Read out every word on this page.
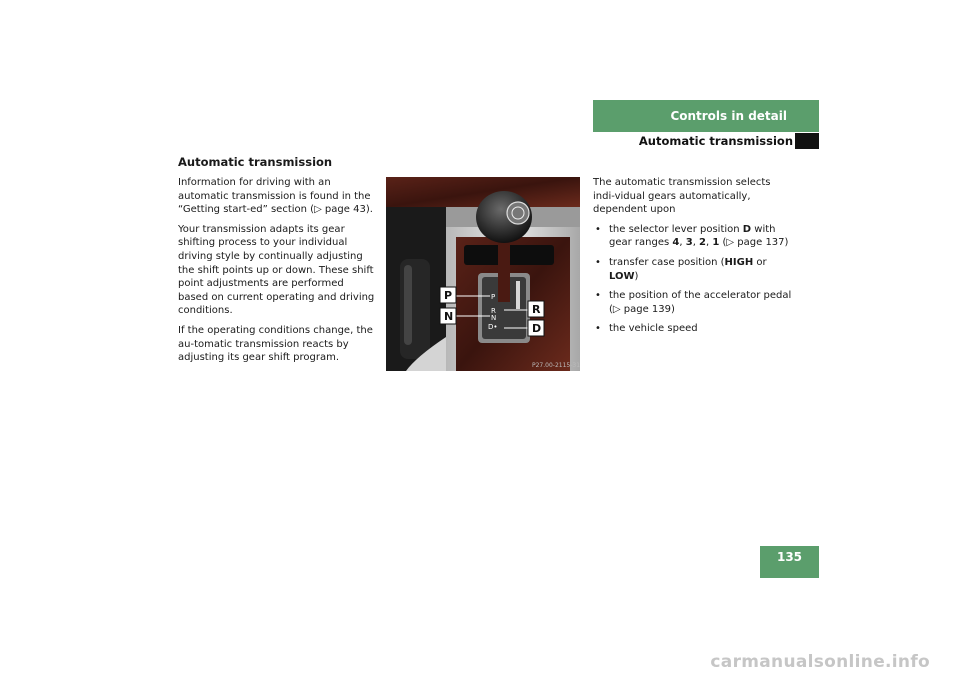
Controls in detail
Automatic transmission
Automatic transmission

Information for driving with an automatic transmission is found in the “Getting start-ed” section (▷ page 43).

Your transmission adapts its gear shifting process to your individual driving style by continually adjusting the shift points up or down. These shift point adjustments are performed based on current operating and driving conditions.

If the operating conditions change, the au-tomatic transmission reacts by adjusting its gear shift program.

P
R
N
D•
P
N
R
D
P27.00-2115-31

The automatic transmission selects indi-vidual gears automatically, dependent upon

• the selector lever position D with gear ranges 4, 3, 2, 1 (▷ page 137)
• transfer case position (HIGH or LOW)
• the position of the accelerator pedal
(▷ page 139)
• the vehicle speed
135
carmanualsonline.info
